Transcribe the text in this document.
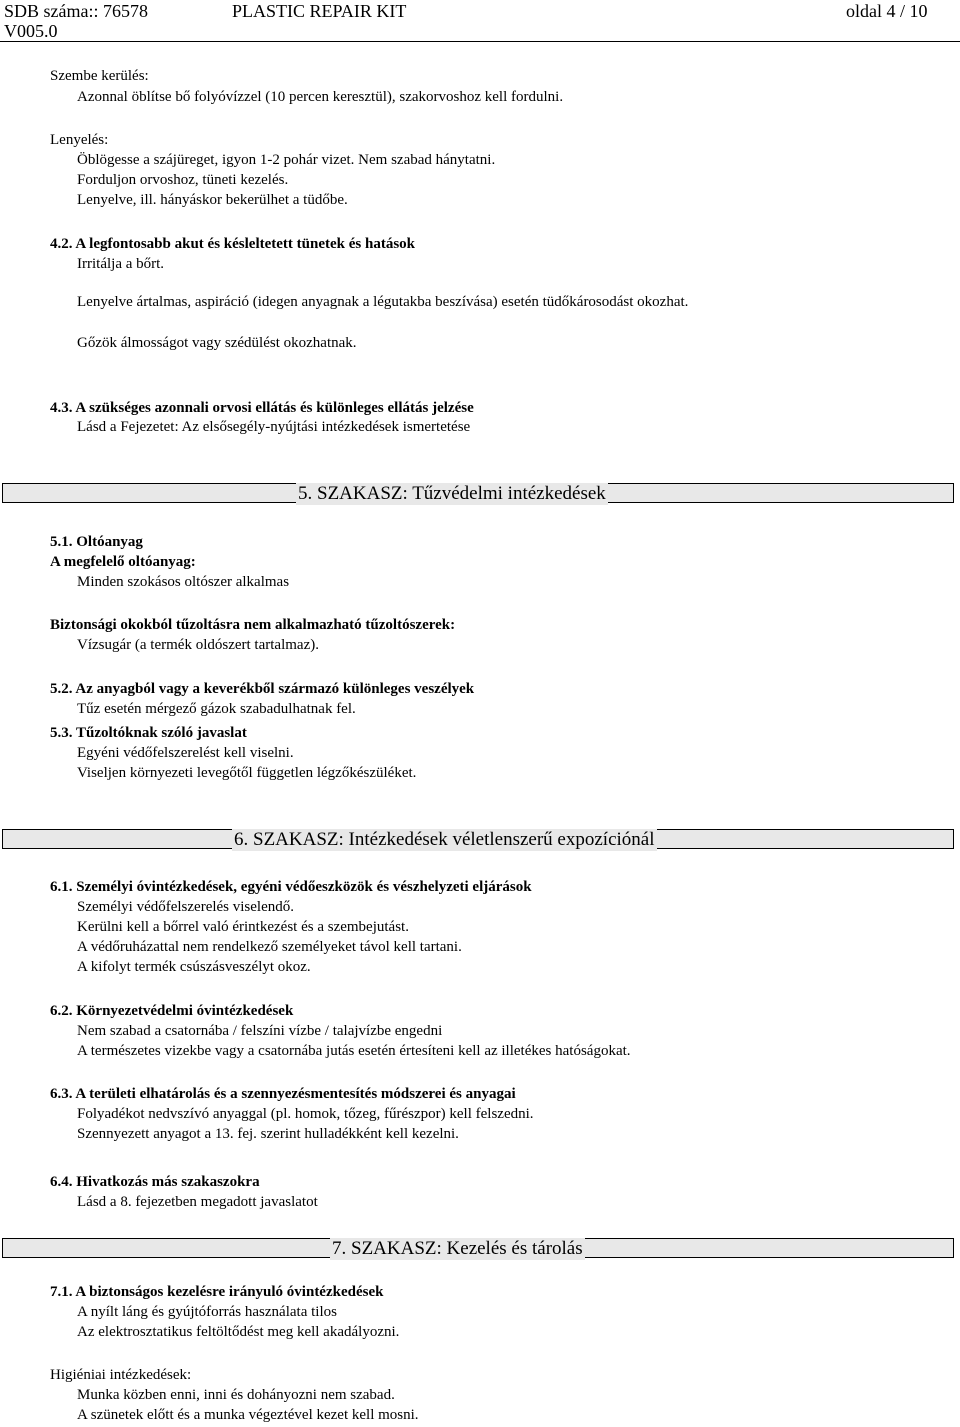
SDB száma:: 76578
V005.0
PLASTIC REPAIR KIT	oldal 4 / 10
Szembe kerülés:
Azonnal öblítse bő folyóvízzel (10 percen keresztül), szakorvoshoz kell fordulni.
Lenyelés:
Öblögesse a szájüreget, igyon 1-2 pohár vizet. Nem szabad hánytatni.
Forduljon orvoshoz, tüneti kezelés.
Lenyelve, ill. hányáskor bekerülhet a tüdőbe.
4.2. A legfontosabb akut és késleltetett tünetek és hatások
Irritálja a bőrt.
Lenyelve ártalmas, aspiráció (idegen anyagnak a légutakba beszívása) esetén tüdőkárosodást okozhat.
Gőzök álmosságot vagy szédülést okozhatnak.
4.3. A szükséges azonnali orvosi ellátás és különleges ellátás jelzése
Lásd a Fejezetet: Az elsősegély-nyújtási intézkedések ismertetése
5. SZAKASZ: Tűzvédelmi intézkedések
5.1. Oltóanyag
A megfelelő oltóanyag:
Minden szokásos oltószer alkalmas
Biztonsági okokból tűzoltásra nem alkalmazható tűzoltószerek:
Vízsugár (a termék oldószert tartalmaz).
5.2. Az anyagból vagy a keverékből származó különleges veszélyek
Tűz esetén mérgező gázok szabadulhatnak fel.
5.3. Tűzoltóknak szóló javaslat
Egyéni védőfelszerelést kell viselni.
Viseljen környezeti levegőtől független légzőkészüléket.
6. SZAKASZ: Intézkedések véletlenszerű expozíciónál
6.1. Személyi óvintézkedések, egyéni védőeszközök és vészhelyzeti eljárások
Személyi védőfelszerelés viselendő.
Kerülni kell a bőrrel való érintkezést és a szembejutást.
A védőruházattal nem rendelkező személyeket távol kell tartani.
A kifolyt termék csúszásveszélyt okoz.
6.2. Környezetvédelmi óvintézkedések
Nem szabad a csatornába / felszíni vízbe / talajvízbe engedni
A természetes vizekbe vagy a csatornába jutás esetén értesíteni kell az illetékes hatóságokat.
6.3. A területi elhatárolás és a szennyezésmentesítés módszerei és anyagai
Folyadékot nedvszívó anyaggal (pl. homok, tőzeg, fűrészpor) kell felszedni.
Szennyezett anyagot a 13. fej. szerint hulladékként kell kezelni.
6.4. Hivatkozás más szakaszokra
Lásd a 8. fejezetben megadott javaslatot
7. SZAKASZ: Kezelés és tárolás
7.1. A biztonságos kezelésre irányuló óvintézkedések
A nyílt láng és gyújtóforrás használata tilos
Az elektrosztatikus feltöltődést meg kell akadályozni.
Higiéniai intézkedések:
Munka közben enni, inni és dohányozni nem szabad.
A szünetek előtt és a munka végeztével kezet kell mosni.
